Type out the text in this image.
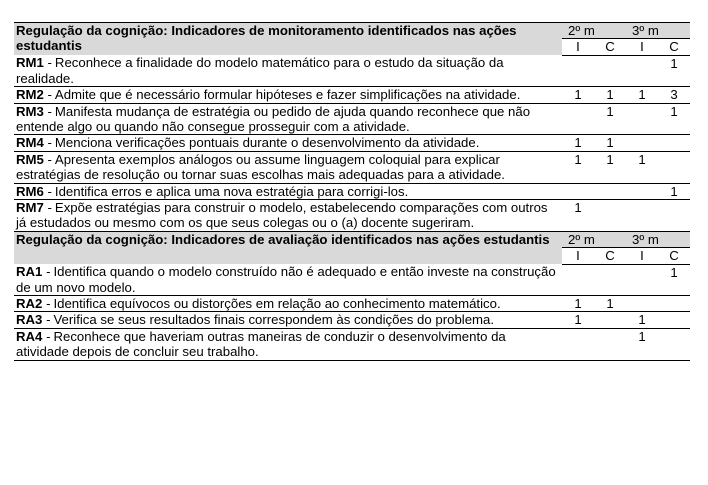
Regulação da cognição: Indicadores de monitoramento identificados nas ações estudantis	2º m		3º m	
	I	C	I	C
RM1 - Reconhece a finalidade do modelo matemático para o estudo da situação da realidade.				1
RM2 - Admite que é necessário formular hipóteses e fazer simplificações na atividade.	1	1	1	3
RM3 - Manifesta mudança de estratégia ou pedido de ajuda quando reconhece que não entende algo ou quando não consegue prosseguir com a atividade.		1		1
RM4 - Menciona verificações pontuais durante o desenvolvimento da atividade.	1	1		
RM5 - Apresenta exemplos análogos ou assume linguagem coloquial para explicar estratégias de resolução ou tornar suas escolhas mais adequadas para a atividade.	1	1	1	
RM6 - Identifica erros e aplica uma nova estratégia para corrigi-los.				1
RM7 - Expõe estratégias para construir o modelo, estabelecendo comparações com outros já estudados ou mesmo com os que seus colegas ou o (a) docente sugeriram.	1			
Regulação da cognição: Indicadores de avaliação identificados nas ações estudantis	2º m		3º m	
	I	C	I	C
RA1 - Identifica quando o modelo construído não é adequado e então investe na construção de um novo modelo.				1
RA2 - Identifica equívocos ou distorções em relação ao conhecimento matemático.	1	1		
RA3 - Verifica se seus resultados finais correspondem às condições do problema.	1		1	
RA4 - Reconhece que haveriam outras maneiras de conduzir o desenvolvimento da atividade depois de concluir seu trabalho.			1	
